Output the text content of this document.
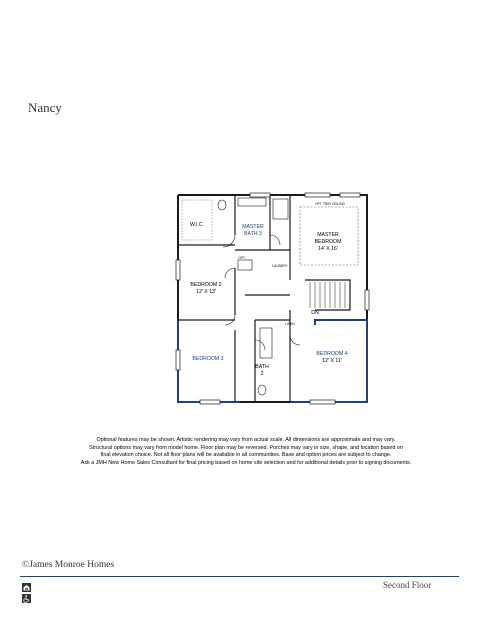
Nancy
W.I.C.	MASTER
BATH 3
OPT. TRAY CEILING
MASTER
BEDROOM
14' X 16'
OPT.
LAUNDRY
BEDROOM 2
12' X 13'
LINEN
DN
BEDROOM 3
BATH
2
BEDROOM 4
12' X 11'
Optional features may be shown. Artistic rendering may vary from actual scale. All dimensions are approximate and may vary.
Structural options may vary from model home. Floor plan may be reversed. Porches may vary in size, shape, and location based on
final elevation choice. Not all floor plans will be available in all communities. Base and option prices are subject to change.
Ask a JMH New Home Sales Consultant for final pricing based on home site selection and for additional details prior to signing documents.
©James Monroe Homes
Second Floor
